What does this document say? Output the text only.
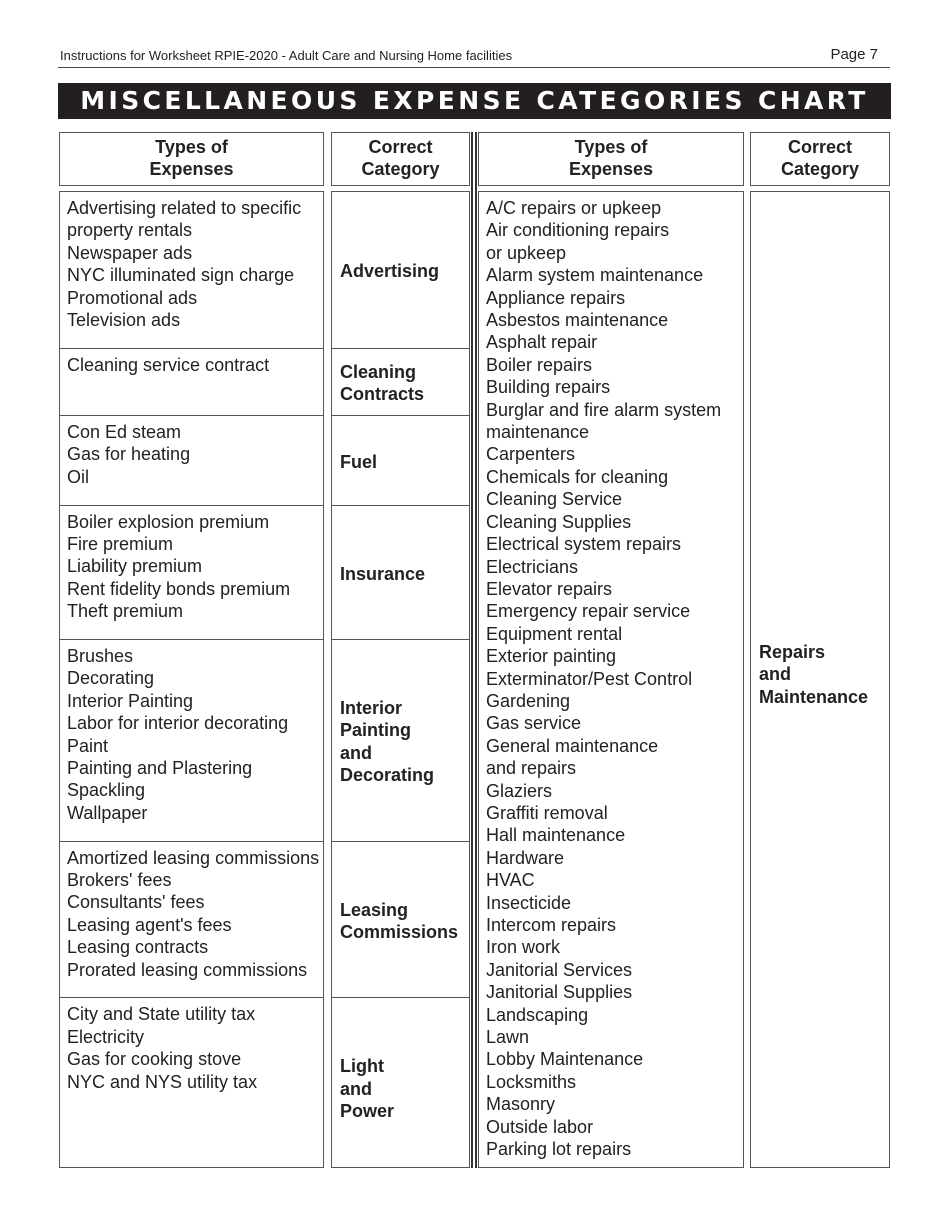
Instructions for Worksheet RPIE-2020 - Adult Care and Nursing Home facilities	Page 7
MISCELLANEOUS EXPENSE CATEGORIES CHART
Types of
Expenses
Correct
Category
Types of
Expenses
Correct
Category
Advertising related to specific
property rentals
Newspaper ads
NYC illuminated sign charge
Promotional ads
Television ads
Advertising
Cleaning service contract	Cleaning
Contracts
Con Ed steam
Gas for heating
Oil
Fuel
Boiler explosion premium
Fire premium
Liability premium
Rent fidelity bonds premium
Theft premium
Insurance
Brushes
Decorating
Interior Painting
Labor for interior decorating
Paint
Painting and Plastering
Spackling
Wallpaper
Interior
Painting
and
Decorating
Amortized leasing commissions
Brokers' fees
Consultants' fees
Leasing agent's fees
Leasing contracts
Prorated leasing commissions
Leasing
Commissions
City and State utility tax
Electricity
Gas for cooking stove
NYC and NYS utility tax
Light
and
Power
A/C repairs or upkeep
Air conditioning repairs
or upkeep
Alarm system maintenance
Appliance repairs
Asbestos maintenance
Asphalt repair
Boiler repairs
Building repairs
Burglar and fire alarm system
maintenance
Carpenters
Chemicals for cleaning
Cleaning Service
Cleaning Supplies
Electrical system repairs
Electricians
Elevator repairs
Emergency repair service
Equipment rental
Exterior painting
Exterminator/Pest Control
Gardening
Gas service
General maintenance
and repairs
Glaziers
Graffiti removal
Hall maintenance
Hardware
HVAC
Insecticide
Intercom repairs
Iron work
Janitorial Services
Janitorial Supplies
Landscaping
Lawn
Lobby Maintenance
Locksmiths
Masonry
Outside labor
Parking lot repairs
Repairs
and
Maintenance
